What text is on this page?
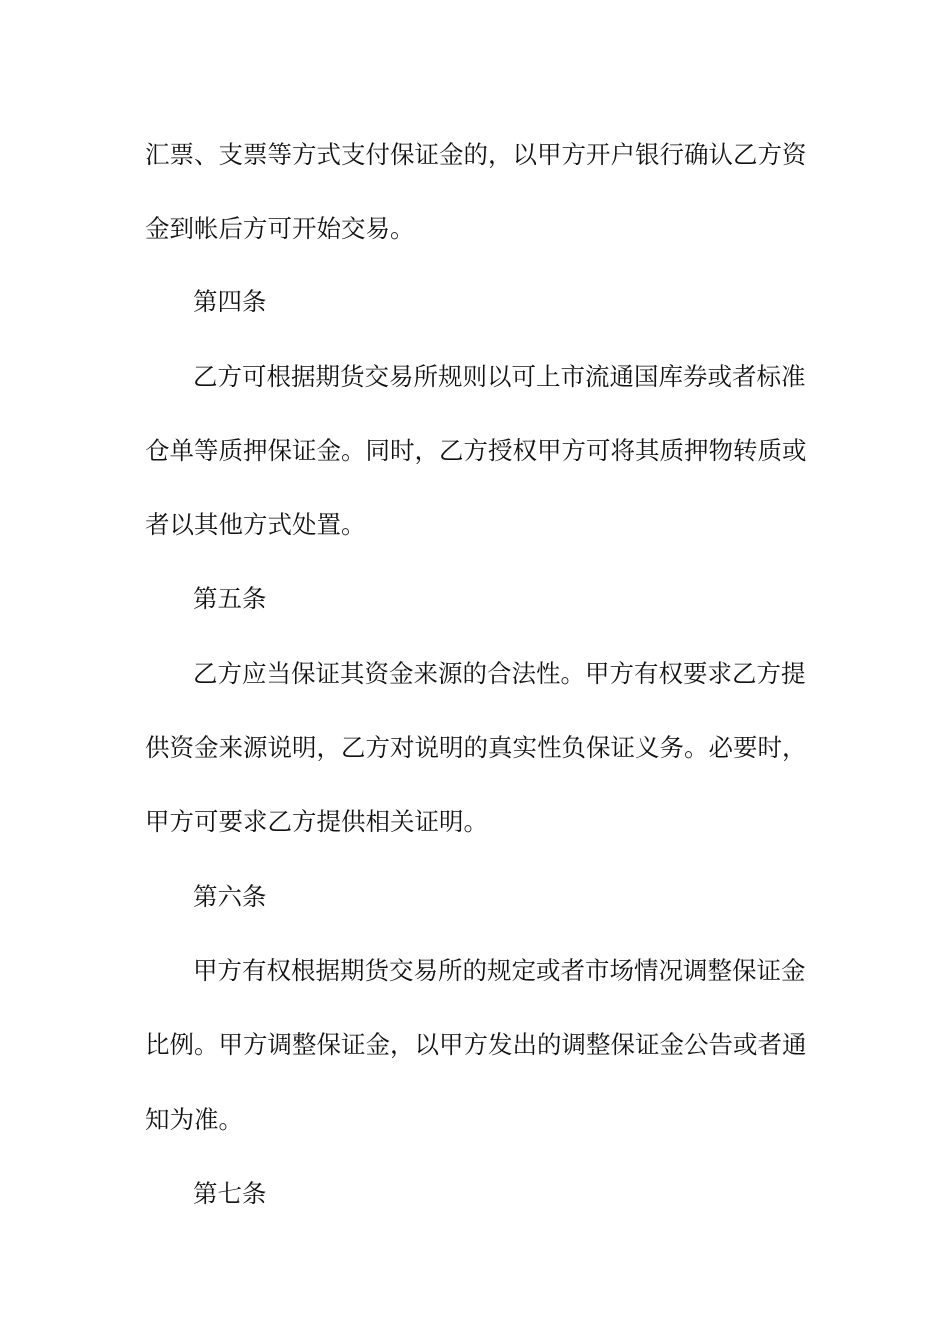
汇票、支票等方式支付保证金的，以甲方开户银行确认乙方资
金到帐后方可开始交易。
第四条
乙方可根据期货交易所规则以可上市流通国库券或者标准
仓单等质押保证金。同时，乙方授权甲方可将其质押物转质或
者以其他方式处置。
第五条
乙方应当保证其资金来源的合法性。甲方有权要求乙方提
供资金来源说明，乙方对说明的真实性负保证义务。必要时，
甲方可要求乙方提供相关证明。
第六条
甲方有权根据期货交易所的规定或者市场情况调整保证金
比例。甲方调整保证金，以甲方发出的调整保证金公告或者通
知为准。
第七条
